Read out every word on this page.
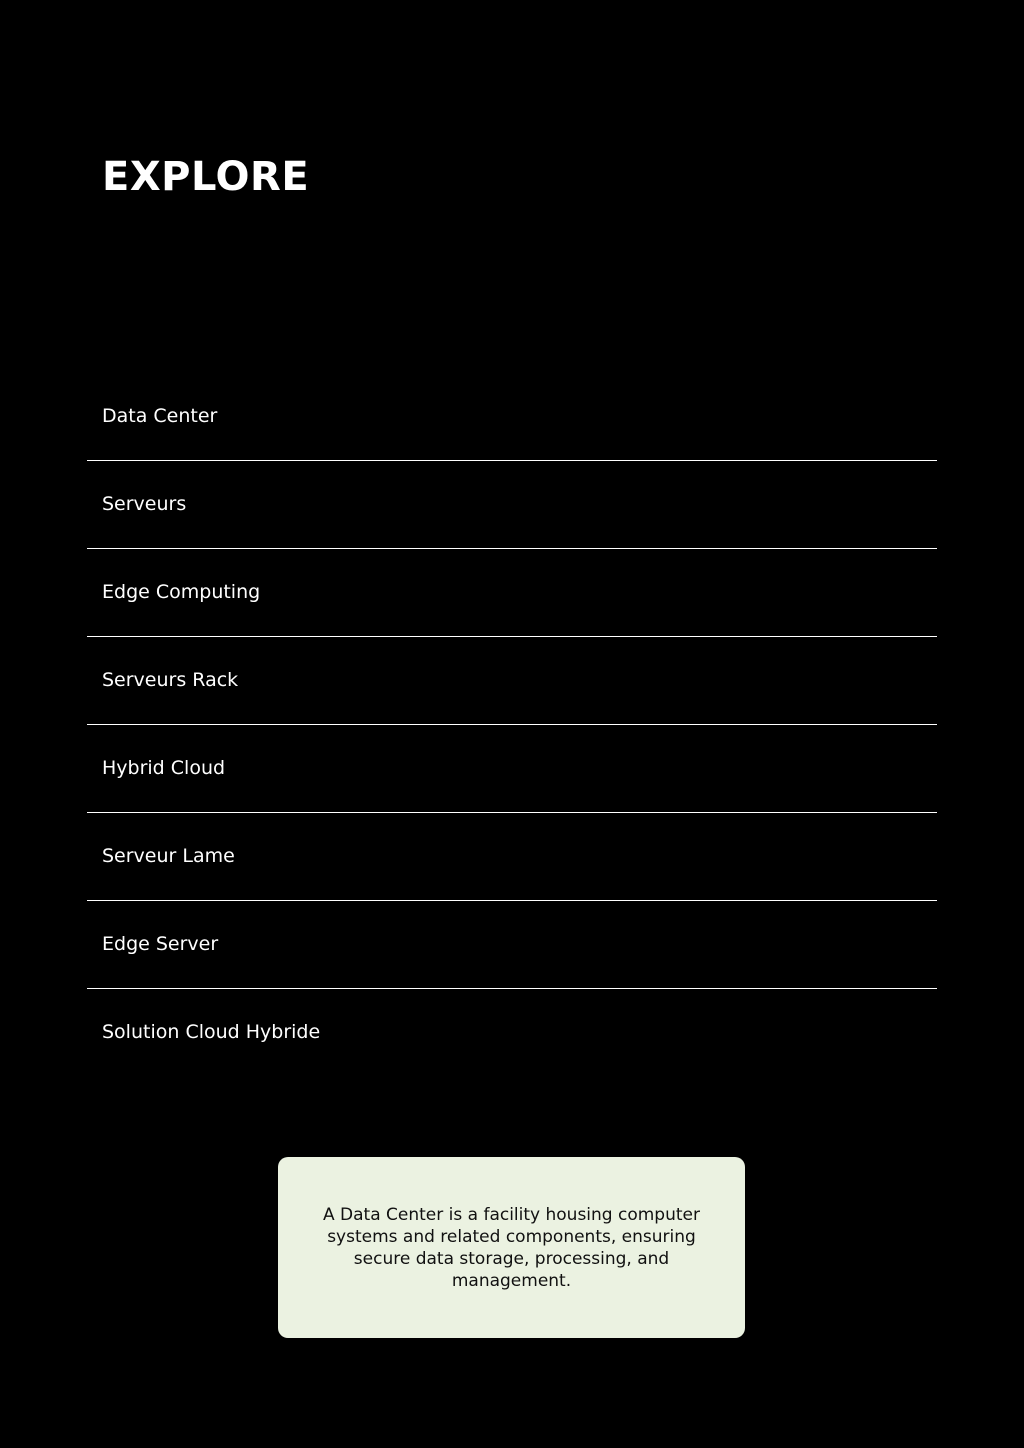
EXPLORE
Data Center
Serveurs
Edge Computing
Serveurs Rack
Hybrid Cloud
Serveur Lame
Edge Server
Solution Cloud Hybride

A Data Center is a facility housing computer systems and related components, ensuring secure data storage, processing, and management.
